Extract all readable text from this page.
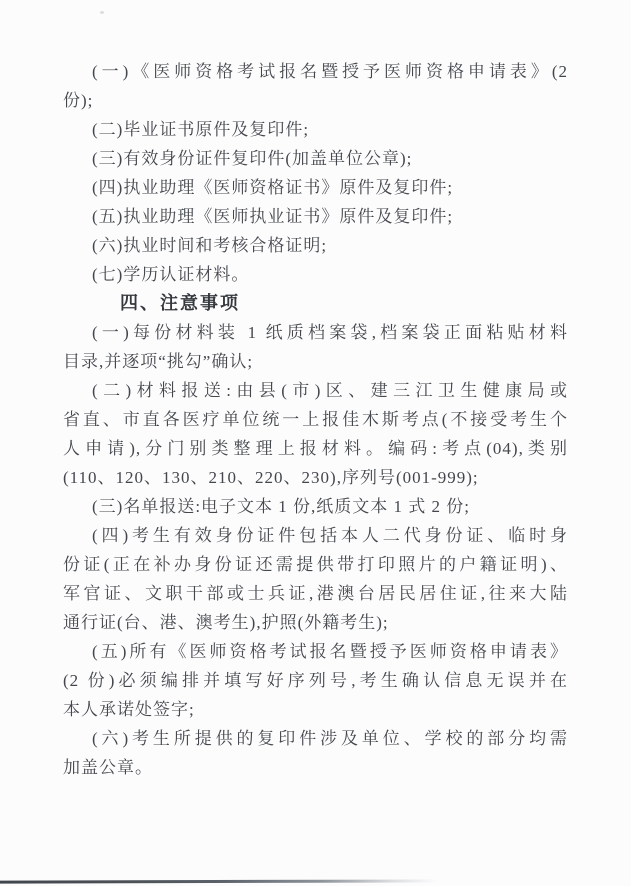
(一)《医师资格考试报名暨授予医师资格申请表》(2
份);
(二)毕业证书原件及复印件;
(三)有效身份证件复印件(加盖单位公章);
(四)执业助理《医师资格证书》原件及复印件;
(五)执业助理《医师执业证书》原件及复印件;
(六)执业时间和考核合格证明;
(七)学历认证材料。
四、注意事项
(一)每份材料装 1 纸质档案袋,档案袋正面粘贴材料
目录,并逐项“挑勾”确认;
(二)材料报送:由县(市)区、建三江卫生健康局或
省直、市直各医疗单位统一上报佳木斯考点(不接受考生个
人申请),分门别类整理上报材料。编码:考点(04),类别
(110、120、130、210、220、230),序列号(001-999);
(三)名单报送:电子文本 1 份,纸质文本 1 式 2 份;
(四)考生有效身份证件包括本人二代身份证、临时身
份证(正在补办身份证还需提供带打印照片的户籍证明)、
军官证、文职干部或士兵证,港澳台居民居住证,往来大陆
通行证(台、港、澳考生),护照(外籍考生);
(五)所有《医师资格考试报名暨授予医师资格申请表》
(2 份)必须编排并填写好序列号,考生确认信息无误并在
本人承诺处签字;
(六)考生所提供的复印件涉及单位、学校的部分均需
加盖公章。
